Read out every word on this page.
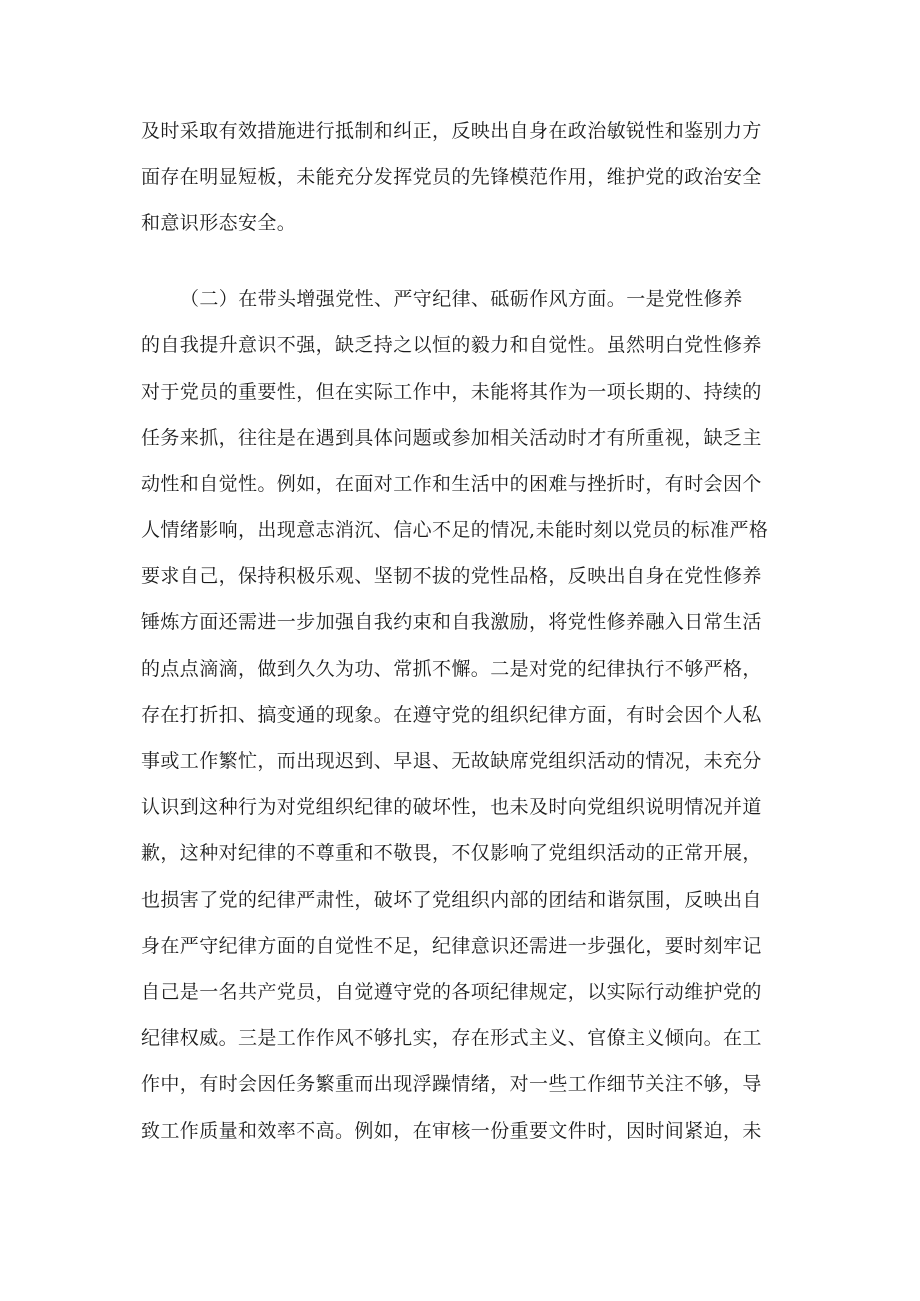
及时采取有效措施进行抵制和纠正，反映出自身在政治敏锐性和鉴别力方
面存在明显短板，未能充分发挥党员的先锋模范作用，维护党的政治安全
和意识形态安全。
（二）在带头增强党性、严守纪律、砥砺作风方面。一是党性修养
的自我提升意识不强，缺乏持之以恒的毅力和自觉性。虽然明白党性修养
对于党员的重要性，但在实际工作中，未能将其作为一项长期的、持续的
任务来抓，往往是在遇到具体问题或参加相关活动时才有所重视，缺乏主
动性和自觉性。例如，在面对工作和生活中的困难与挫折时，有时会因个
人情绪影响，出现意志消沉、信心不足的情况,未能时刻以党员的标准严格
要求自己，保持积极乐观、坚韧不拔的党性品格，反映出自身在党性修养
锤炼方面还需进一步加强自我约束和自我激励，将党性修养融入日常生活
的点点滴滴，做到久久为功、常抓不懈。二是对党的纪律执行不够严格，
存在打折扣、搞变通的现象。在遵守党的组织纪律方面，有时会因个人私
事或工作繁忙，而出现迟到、早退、无故缺席党组织活动的情况，未充分
认识到这种行为对党组织纪律的破坏性，也未及时向党组织说明情况并道
歉，这种对纪律的不尊重和不敬畏，不仅影响了党组织活动的正常开展，
也损害了党的纪律严肃性，破坏了党组织内部的团结和谐氛围，反映出自
身在严守纪律方面的自觉性不足，纪律意识还需进一步强化，要时刻牢记
自己是一名共产党员，自觉遵守党的各项纪律规定，以实际行动维护党的
纪律权威。三是工作作风不够扎实，存在形式主义、官僚主义倾向。在工
作中，有时会因任务繁重而出现浮躁情绪，对一些工作细节关注不够，导
致工作质量和效率不高。例如，在审核一份重要文件时，因时间紧迫，未
